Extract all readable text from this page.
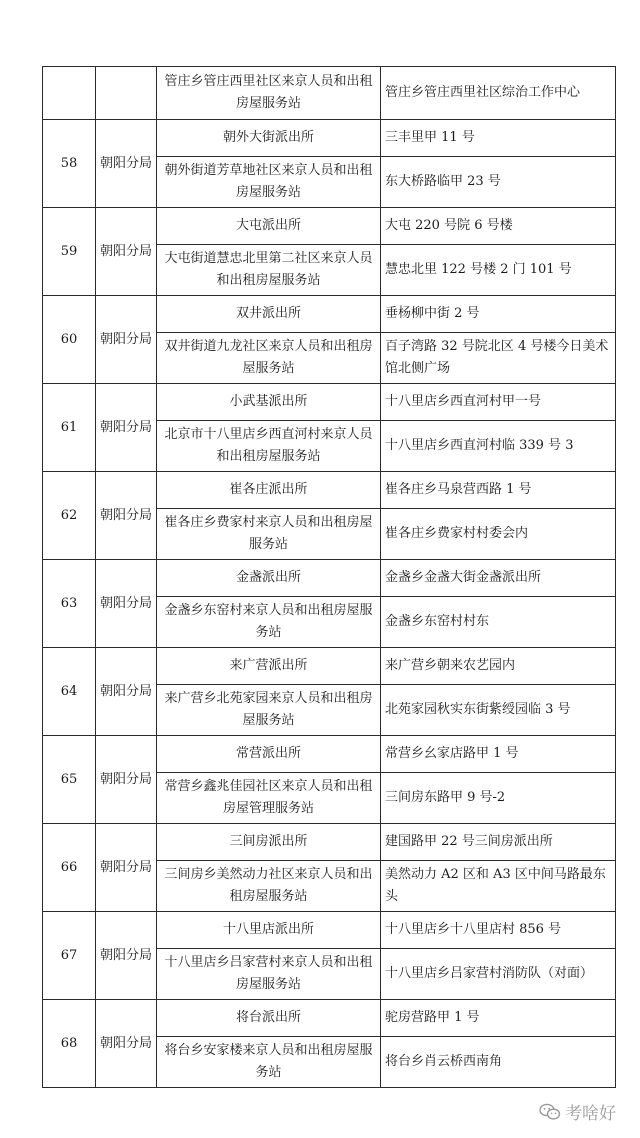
		管庄乡管庄西里社区来京人员和出租房屋服务站	管庄乡管庄西里社区综治工作中心
58	朝阳分局	朝外大街派出所	三丰里甲 11 号
		朝外街道芳草地社区来京人员和出租房屋服务站	东大桥路临甲 23 号
59	朝阳分局	大屯派出所	大屯 220 号院 6 号楼
		大屯街道慧忠北里第二社区来京人员和出租房屋服务站	慧忠北里 122 号楼 2 门 101 号
60	朝阳分局	双井派出所	垂杨柳中街 2 号
		双井街道九龙社区来京人员和出租房屋服务站	百子湾路 32 号院北区 4 号楼今日美术馆北侧广场
61	朝阳分局	小武基派出所	十八里店乡西直河村甲一号
		北京市十八里店乡西直河村来京人员和出租房屋服务站	十八里店乡西直河村临 339 号 3
62	朝阳分局	崔各庄派出所	崔各庄乡马泉营西路 1 号
		崔各庄乡费家村来京人员和出租房屋服务站	崔各庄乡费家村村委会内
63	朝阳分局	金盏派出所	金盏乡金盏大街金盏派出所
		金盏乡东窑村来京人员和出租房屋服务站	金盏乡东窑村村东
64	朝阳分局	来广营派出所	来广营乡朝来农艺园内
		来广营乡北苑家园来京人员和出租房屋服务站	北苑家园秋实东街紫绶园临 3 号
65	朝阳分局	常营派出所	常营乡幺家店路甲 1 号
		常营乡鑫兆佳园社区来京人员和出租房屋管理服务站	三间房东路甲 9 号-2
66	朝阳分局	三间房派出所	建国路甲 22 号三间房派出所
		三间房乡美然动力社区来京人员和出租房屋服务站	美然动力 A2 区和 A3 区中间马路最东头
67	朝阳分局	十八里店派出所	十八里店乡十八里店村 856 号
		十八里店乡吕家营村来京人员和出租房屋服务站	十八里店乡吕家营村消防队（对面）
68	朝阳分局	将台派出所	驼房营路甲 1 号
		将台乡安家楼来京人员和出租房屋服务站	将台乡肖云桥西南角
考啥好
